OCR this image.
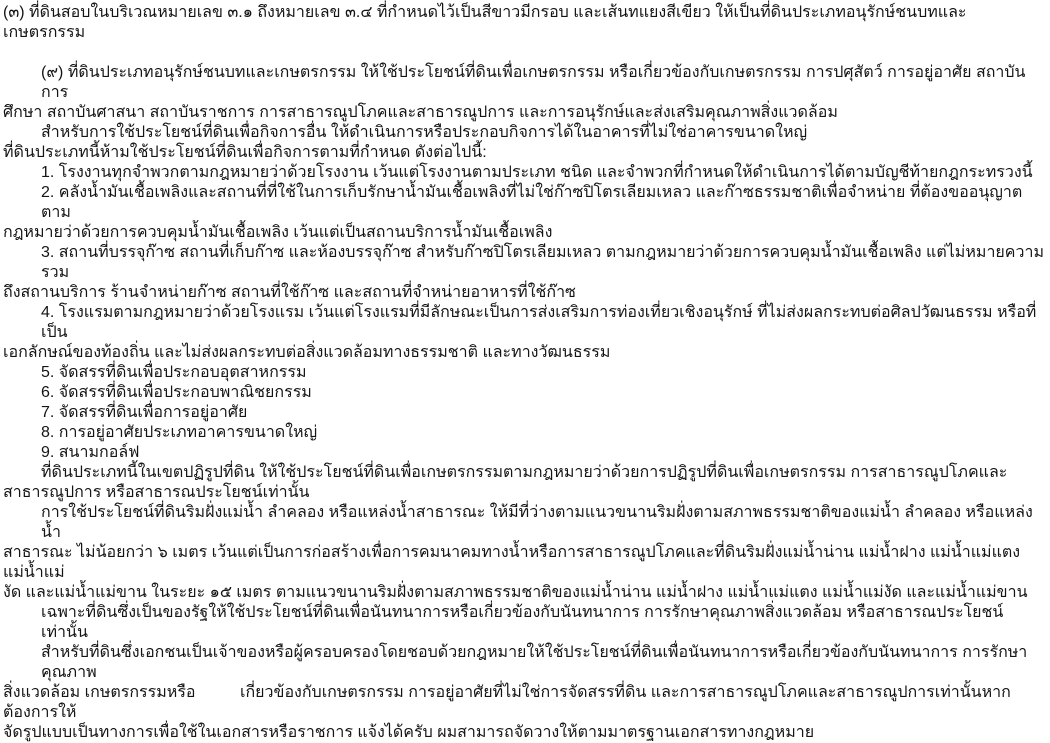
(๓) ที่ดินสอบในบริเวณหมายเลข ๓.๑ ถึงหมายเลข ๓.๔ ที่กำหนดไว้เป็นสีขาวมีกรอบ และเส้นทแยงสีเขียว ให้เป็นที่ดินประเภทอนุรักษ์ชนบทและเกษตรกรรม
(๙) ที่ดินประเภทอนุรักษ์ชนบทและเกษตรกรรม ให้ใช้ประโยชน์ที่ดินเพื่อเกษตรกรรม หรือเกี่ยวข้องกับเกษตรกรรม การปศุสัตว์ การอยู่อาศัย สถาบันการ
ศึกษา สถาบันศาสนา สถาบันราชการ การสาธารณูปโภคและสาธารณูปการ และการอนุรักษ์และส่งเสริมคุณภาพสิ่งแวดล้อม
สำหรับการใช้ประโยชน์ที่ดินเพื่อกิจการอื่น ให้ดำเนินการหรือประกอบกิจการได้ในอาคารที่ไม่ใช่อาคารขนาดใหญ่
ที่ดินประเภทนี้ห้ามใช้ประโยชน์ที่ดินเพื่อกิจการตามที่กำหนด ดังต่อไปนี้:
1. โรงงานทุกจำพวกตามกฎหมายว่าด้วยโรงงาน เว้นแต่โรงงานตามประเภท ชนิด และจำพวกที่กำหนดให้ดำเนินการได้ตามบัญชีท้ายกฎกระทรวงนี้
2. คลังน้ำมันเชื้อเพลิงและสถานที่ที่ใช้ในการเก็บรักษาน้ำมันเชื้อเพลิงที่ไม่ใช่ก๊าซปิโตรเลียมเหลว และก๊าซธรรมชาติเพื่อจำหน่าย ที่ต้องขออนุญาตตาม
กฎหมายว่าด้วยการควบคุมน้ำมันเชื้อเพลิง เว้นแต่เป็นสถานบริการน้ำมันเชื้อเพลิง
3. สถานที่บรรจุก๊าซ สถานที่เก็บก๊าซ และห้องบรรจุก๊าซ สำหรับก๊าซปิโตรเลียมเหลว ตามกฎหมายว่าด้วยการควบคุมน้ำมันเชื้อเพลิง แต่ไม่หมายความรวม
ถึงสถานบริการ ร้านจำหน่ายก๊าซ สถานที่ใช้ก๊าซ และสถานที่จำหน่ายอาหารที่ใช้ก๊าซ
4. โรงแรมตามกฎหมายว่าด้วยโรงแรม เว้นแต่โรงแรมที่มีลักษณะเป็นการส่งเสริมการท่องเที่ยวเชิงอนุรักษ์ ที่ไม่ส่งผลกระทบต่อศิลปวัฒนธรรม หรือที่เป็น
เอกลักษณ์ของท้องถิ่น และไม่ส่งผลกระทบต่อสิ่งแวดล้อมทางธรรมชาติ และทางวัฒนธรรม
5. จัดสรรที่ดินเพื่อประกอบอุตสาหกรรม
6. จัดสรรที่ดินเพื่อประกอบพาณิชยกรรม
7. จัดสรรที่ดินเพื่อการอยู่อาศัย
8. การอยู่อาศัยประเภทอาคารขนาดใหญ่
9. สนามกอล์ฟ
ที่ดินประเภทนี้ในเขตปฏิรูปที่ดิน ให้ใช้ประโยชน์ที่ดินเพื่อเกษตรกรรมตามกฎหมายว่าด้วยการปฏิรูปที่ดินเพื่อเกษตรกรรม การสาธารณูปโภคและ
สาธารณูปการ หรือสาธารณประโยชน์เท่านั้น
การใช้ประโยชน์ที่ดินริมฝั่งแม่น้ำ ลำคลอง หรือแหล่งน้ำสาธารณะ ให้มีที่ว่างตามแนวขนานริมฝั่งตามสภาพธรรมชาติของแม่น้ำ ลำคลอง หรือแหล่งน้ำ
สาธารณะ ไม่น้อยกว่า ๖ เมตร เว้นแต่เป็นการก่อสร้างเพื่อการคมนาคมทางน้ำหรือการสาธารณูปโภคและที่ดินริมฝั่งแม่น้ำน่าน แม่น้ำฝาง แม่น้ำแม่แตง แม่น้ำแม่
งัด และแม่น้ำแม่ขาน ในระยะ ๑๕ เมตร ตามแนวขนานริมฝั่งตามสภาพธรรมชาติของแม่น้ำน่าน แม่น้ำฝาง แม่น้ำแม่แตง แม่น้ำแม่งัด และแม่น้ำแม่ขาน
เฉพาะที่ดินซึ่งเป็นของรัฐให้ใช้ประโยชน์ที่ดินเพื่อนันทนาการหรือเกี่ยวข้องกับนันทนาการ การรักษาคุณภาพสิ่งแวดล้อม หรือสาธารณประโยชน์เท่านั้น
สำหรับที่ดินซึ่งเอกชนเป็นเจ้าของหรือผู้ครอบครองโดยชอบด้วยกฎหมายให้ใช้ประโยชน์ที่ดินเพื่อนันทนาการหรือเกี่ยวข้องกับนันทนาการ การรักษาคุณภาพ
สิ่งแวดล้อม เกษตรกรรมหรือ          เกี่ยวข้องกับเกษตรกรรม การอยู่อาศัยที่ไม่ใช่การจัดสรรที่ดิน และการสาธารณูปโภคและสาธารณูปการเท่านั้นหากต้องการให้
จัดรูปแบบเป็นทางการเพื่อใช้ในเอกสารหรือราชการ แจ้งได้ครับ ผมสามารถจัดวางให้ตามมาตรฐานเอกสารทางกฎหมาย
